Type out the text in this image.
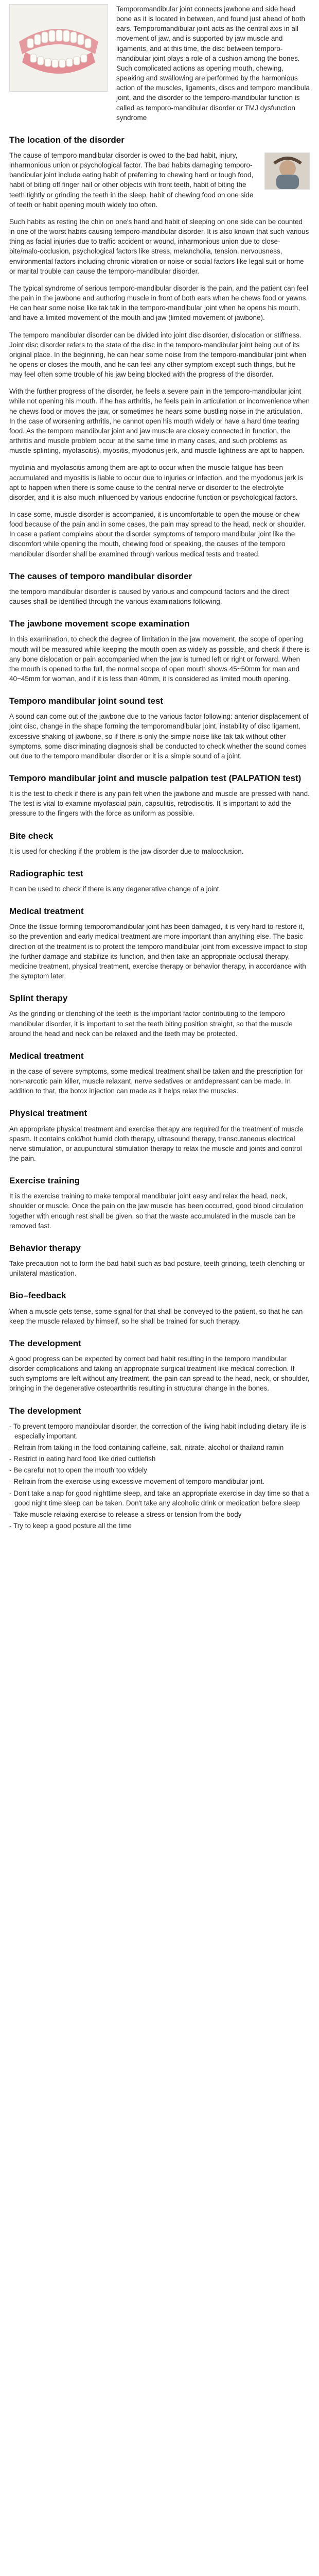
Temporomandibular joint connects jawbone and side head bone as it is located in between, and found just ahead of both ears. Temporomandibular joint acts as the central axis in all movement of jaw, and is supported by jaw muscle and ligaments, and at this time, the disc between temporo-mandibular joint plays a role of a cushion among the bones. Such complicated actions as opening mouth, chewing, speaking and swallowing are performed by the harmonious action of the muscles, ligaments, discs and temporo mandibula joint, and the disorder to the temporo-mandibular function is called as temporo-mandibular disorder or TMJ dysfunction syndrome
The location of the disorder

The cause of temporo mandibular disorder is owed to the bad habit, injury, inharmonious union or psychological factor. The bad habits damaging temporo-bandibular joint include eating habit of preferring to chewing hard or tough food, habit of biting off finger nail or other objects with front teeth, habit of biting the teeth tightly or grinding the teeth in the sleep, habit of chewing food on one side of teeth or habit opening mouth widely too often.

Such habits as resting the chin on one's hand and habit of sleeping on one side can be counted in one of the worst habits causing temporo-mandibular disorder. It is also known that such various thing as facial injuries due to traffic accident or wound, inharmonious union due to close-bite/malo-occlusion, psychological factors like stress, melancholia, tension, nervousness, environmental factors including chronic vibration or noise or social factors like legal suit or home or marital trouble can cause the temporo-mandibular disorder.

The typical syndrome of serious temporo-mandibular disorder is the pain, and the patient can feel the pain in the jawbone and authoring muscle in front of both ears when he chews food or yawns. He can hear some noise like tak tak in the temporo-mandibular joint when he opens his mouth, and have a limited movement of the mouth and jaw (limited movement of jawbone).

The temporo mandibular disorder can be divided into joint disc disorder, dislocation or stiffness. Joint disc disorder refers to the state of the disc in the temporo-mandibular joint being out of its original place. In the beginning, he can hear some noise from the temporo-mandibular joint when he opens or closes the mouth, and he can feel any other symptom except such things, but he may feel often some trouble of his jaw being blocked with the progress of the disorder.

With the further progress of the disorder, he feels a severe pain in the temporo-mandibular joint while not opening his mouth. If he has arthritis, he feels pain in articulation or inconvenience when he chews food or moves the jaw, or sometimes he hears some bustling noise in the articulation. In the case of worsening arthritis, he cannot open his mouth widely or have a hard time tearing food. As the temporo mandibular joint and jaw muscle are closely connected in function, the arthritis and muscle problem occur at the same time in many cases, and such problems as muscle splinting, myofascitis), myositis, myodonus jerk, and muscle tightness are apt to happen.

myotinia and myofascitis among them are apt to occur when the muscle fatigue has been accumulated and myositis is liable to occur due to injuries or infection, and the myodonus jerk is apt to happen when there is some cause to the central nerve or disorder to the electrolyte disorder, and it is also much influenced by various endocrine function or psychological factors.

In case some, muscle disorder is accompanied, it is uncomfortable to open the mouse or chew food because of the pain and in some cases, the pain may spread to the head, neck or shoulder. In case a patient complains about the disorder symptoms of temporo mandibular joint like the discomfort while opening the mouth, chewing food or speaking, the causes of the temporo mandibular disorder shall be examined through various medical tests and treated.

The causes of temporo mandibular disorder

the temporo mandibular disorder is caused by various and compound factors and the direct causes shall be identified through the various examinations following.

The jawbone movement scope examination

In this examination, to check the degree of limitation in the jaw movement, the scope of opening mouth will be measured while keeping the mouth open as widely as possible, and check if there is any bone dislocation or pain accompanied when the jaw is turned left or right or forward. When the mouth is opened to the full, the normal scope of open mouth shows 45~50mm for man and 40~45mm for woman, and if it is less than 40mm, it is considered as limited mouth opening.

Temporo mandibular joint sound test

A sound can come out of the jawbone due to the various factor following: anterior displacement of joint disc, change in the shape forming the temporomandibular joint, instability of disc ligament, excessive shaking of jawbone, so if there is only the simple noise like tak tak without other symptoms, some discriminating diagnosis shall be conducted to check whether the sound comes out due to the temporo mandibular disorder or it is a simple sound of a joint.

Temporo mandibular joint and muscle palpation test (PALPATION test)

It is the test to check if there is any pain felt when the jawbone and muscle are pressed with hand. The test is vital to examine myofascial pain, capsulitis, retrodiscitis. It is important to add the pressure to the fingers with the force as uniform as possible.

Bite check

It is used for checking if the problem is the jaw disorder due to malocclusion.

Radiographic test

It can be used to check if there is any degenerative change of a joint.

Medical treatment

Once the tissue forming temporomandibular joint has been damaged, it is very hard to restore it, so the prevention and early medical treatment are more important than anything else. The basic direction of the treatment is to protect the temporo mandibular joint from excessive impact to stop the further damage and stabilize its function, and then take an appropriate occlusal therapy, medicine treatment, physical treatment, exercise therapy or behavior therapy, in accordance with the symptom later.

Splint therapy

As the grinding or clenching of the teeth is the important factor contributing to the temporo mandibular disorder, it is important to set the teeth biting position straight, so that the muscle around the head and neck can be relaxed and the teeth may be protected.

Medical treatment

in the case of severe symptoms, some medical treatment shall be taken and the prescription for non-narcotic pain killer, muscle relaxant, nerve sedatives or antidepressant can be made. In addition to that, the botox injection can made as it helps relax the muscles.

Physical treatment

An appropriate physical treatment and exercise therapy are required for the treatment of muscle spasm. It contains cold/hot humid cloth therapy, ultrasound therapy, transcutaneous electrical nerve stimulation, or acupunctural stimulation therapy to relax the muscle and joints and control the pain.

Exercise training

It is the exercise training to make temporal mandibular joint easy and relax the head, neck, shoulder or muscle. Once the pain on the jaw muscle has been occurred, good blood circulation together with enough rest shall be given, so that the waste accumulated in the muscle can be removed fast.

Behavior therapy

Take precaution not to form the bad habit such as bad posture, teeth grinding, teeth clenching or unilateral mastication.

Bio–feedback

When a muscle gets tense, some signal for that shall be conveyed to the patient, so that he can keep the muscle relaxed by himself, so he shall be trained for such therapy.

The development

A good progress can be expected by correct bad habit resulting in the temporo mandibular disorder complications and taking an appropriate surgical treatment like medical correction. If such symptoms are left without any treatment, the pain can spread to the head, neck, or shoulder, bringing in the degenerative osteoarthritis resulting in structural change in the bones.

The development
- To prevent temporo mandibular disorder, the correction of the living habit including dietary life is especially important.
- Refrain from taking in the food containing caffeine, salt, nitrate, alcohol or thailand ramin
- Restrict in eating hard food like dried cuttlefish
- Be careful not to open the mouth too widely
- Refrain from the exercise using excessive movement of temporo mandibular joint.
- Don't take a nap for good nighttime sleep, and take an appropriate exercise in day time so that a good night time sleep can be taken. Don't take any alcoholic drink or medication before sleep
- Take muscle relaxing exercise to release a stress or tension from the body
- Try to keep a good posture all the time
